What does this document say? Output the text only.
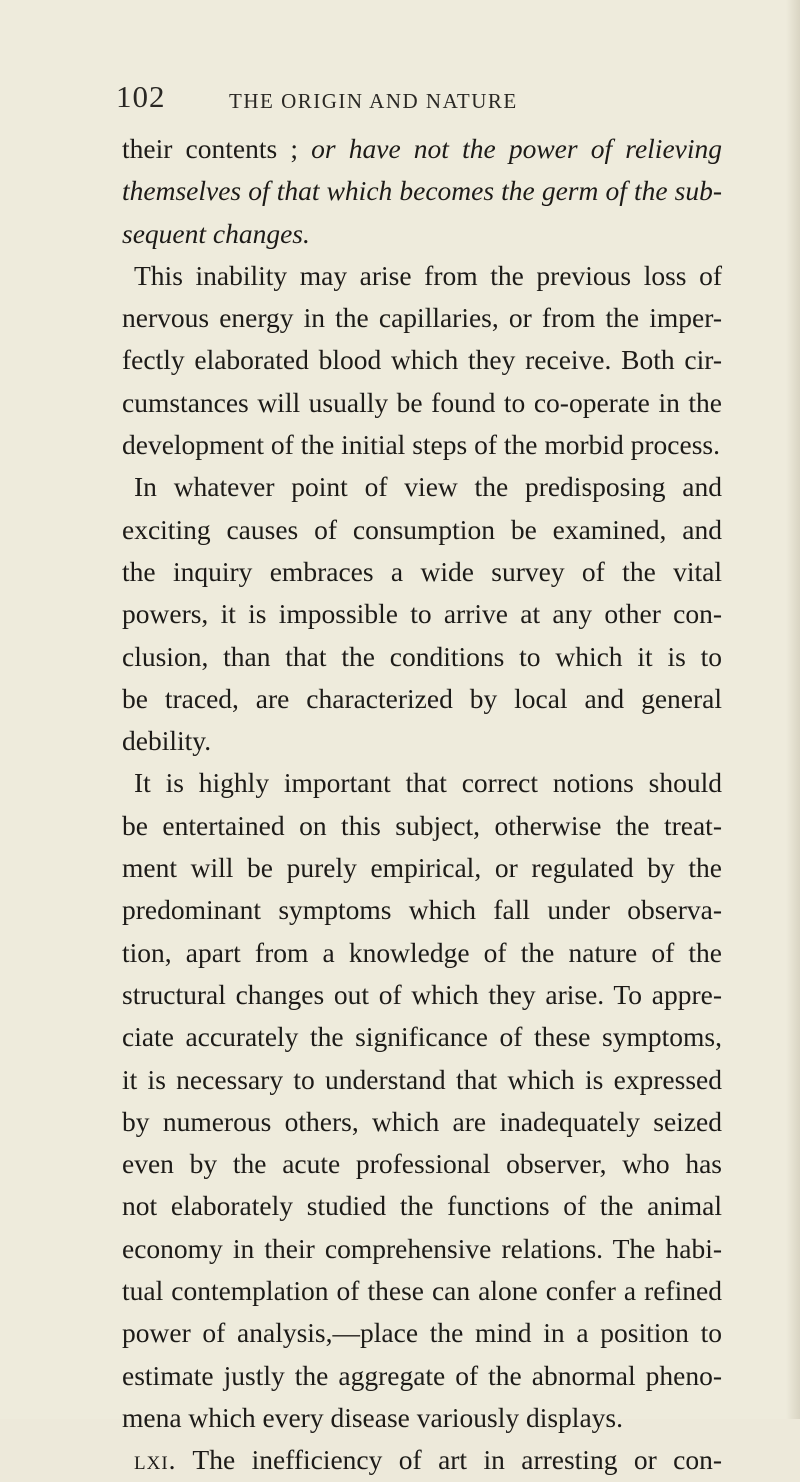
102	THE ORIGIN AND NATURE
their contents ; or have not the power of relieving
themselves of that which becomes the germ of the sub-
sequent changes.
This inability may arise from the previous loss of
nervous energy in the capillaries, or from the imper-
fectly elaborated blood which they receive. Both cir-
cumstances will usually be found to co-operate in the
development of the initial steps of the morbid process.
In whatever point of view the predisposing and
exciting causes of consumption be examined, and
the inquiry embraces a wide survey of the vital
powers, it is impossible to arrive at any other con-
clusion, than that the conditions to which it is to
be traced, are characterized by local and general
debility.
It is highly important that correct notions should
be entertained on this subject, otherwise the treat-
ment will be purely empirical, or regulated by the
predominant symptoms which fall under observa-
tion, apart from a knowledge of the nature of the
structural changes out of which they arise. To appre-
ciate accurately the significance of these symptoms,
it is necessary to understand that which is expressed
by numerous others, which are inadequately seized
even by the acute professional observer, who has
not elaborately studied the functions of the animal
economy in their comprehensive relations. The habi-
tual contemplation of these can alone confer a refined
power of analysis,—place the mind in a position to
estimate justly the aggregate of the abnormal pheno-
mena which every disease variously displays.
lxi. The inefficiency of art in arresting or con-
